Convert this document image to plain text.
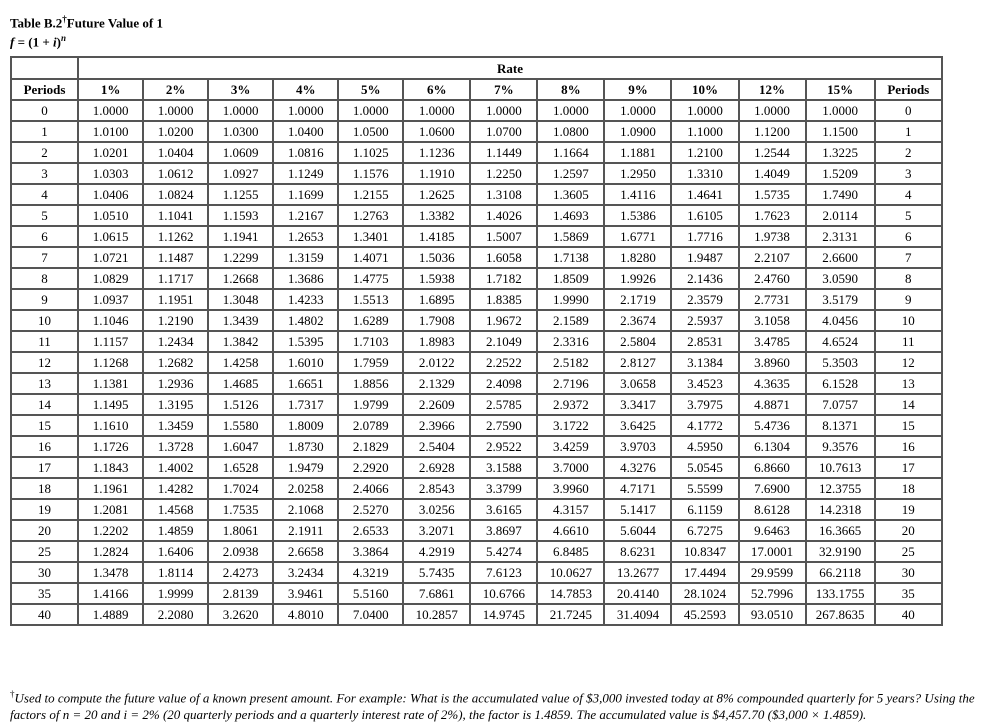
Table B.2†Future Value of 1
$f = (1 + i)^n$
	Rate												
Periods	1%	2%	3%	4%	5%	6%	7%	8%	9%	10%	12%	15%	Periods
0	1.0000	1.0000	1.0000	1.0000	1.0000	1.0000	1.0000	1.0000	1.0000	1.0000	1.0000	1.0000	0
1	1.0100	1.0200	1.0300	1.0400	1.0500	1.0600	1.0700	1.0800	1.0900	1.1000	1.1200	1.1500	1
2	1.0201	1.0404	1.0609	1.0816	1.1025	1.1236	1.1449	1.1664	1.1881	1.2100	1.2544	1.3225	2
3	1.0303	1.0612	1.0927	1.1249	1.1576	1.1910	1.2250	1.2597	1.2950	1.3310	1.4049	1.5209	3
4	1.0406	1.0824	1.1255	1.1699	1.2155	1.2625	1.3108	1.3605	1.4116	1.4641	1.5735	1.7490	4
5	1.0510	1.1041	1.1593	1.2167	1.2763	1.3382	1.4026	1.4693	1.5386	1.6105	1.7623	2.0114	5
6	1.0615	1.1262	1.1941	1.2653	1.3401	1.4185	1.5007	1.5869	1.6771	1.7716	1.9738	2.3131	6
7	1.0721	1.1487	1.2299	1.3159	1.4071	1.5036	1.6058	1.7138	1.8280	1.9487	2.2107	2.6600	7
8	1.0829	1.1717	1.2668	1.3686	1.4775	1.5938	1.7182	1.8509	1.9926	2.1436	2.4760	3.0590	8
9	1.0937	1.1951	1.3048	1.4233	1.5513	1.6895	1.8385	1.9990	2.1719	2.3579	2.7731	3.5179	9
10	1.1046	1.2190	1.3439	1.4802	1.6289	1.7908	1.9672	2.1589	2.3674	2.5937	3.1058	4.0456	10
11	1.1157	1.2434	1.3842	1.5395	1.7103	1.8983	2.1049	2.3316	2.5804	2.8531	3.4785	4.6524	11
12	1.1268	1.2682	1.4258	1.6010	1.7959	2.0122	2.2522	2.5182	2.8127	3.1384	3.8960	5.3503	12
13	1.1381	1.2936	1.4685	1.6651	1.8856	2.1329	2.4098	2.7196	3.0658	3.4523	4.3635	6.1528	13
14	1.1495	1.3195	1.5126	1.7317	1.9799	2.2609	2.5785	2.9372	3.3417	3.7975	4.8871	7.0757	14
15	1.1610	1.3459	1.5580	1.8009	2.0789	2.3966	2.7590	3.1722	3.6425	4.1772	5.4736	8.1371	15
16	1.1726	1.3728	1.6047	1.8730	2.1829	2.5404	2.9522	3.4259	3.9703	4.5950	6.1304	9.3576	16
17	1.1843	1.4002	1.6528	1.9479	2.2920	2.6928	3.1588	3.7000	4.3276	5.0545	6.8660	10.7613	17
18	1.1961	1.4282	1.7024	2.0258	2.4066	2.8543	3.3799	3.9960	4.7171	5.5599	7.6900	12.3755	18
19	1.2081	1.4568	1.7535	2.1068	2.5270	3.0256	3.6165	4.3157	5.1417	6.1159	8.6128	14.2318	19
20	1.2202	1.4859	1.8061	2.1911	2.6533	3.2071	3.8697	4.6610	5.6044	6.7275	9.6463	16.3665	20
25	1.2824	1.6406	2.0938	2.6658	3.3864	4.2919	5.4274	6.8485	8.6231	10.8347	17.0001	32.9190	25
30	1.3478	1.8114	2.4273	3.2434	4.3219	5.7435	7.6123	10.0627	13.2677	17.4494	29.9599	66.2118	30
35	1.4166	1.9999	2.8139	3.9461	5.5160	7.6861	10.6766	14.7853	20.4140	28.1024	52.7996	133.1755	35
40	1.4889	2.2080	3.2620	4.8010	7.0400	10.2857	14.9745	21.7245	31.4094	45.2593	93.0510	267.8635	40
†Used to compute the future value of a known present amount. For example: What is the accumulated value of $3,000 invested today at 8% compounded quarterly for 5 years? Using the factors of n = 20 and i = 2% (20 quarterly periods and a quarterly interest rate of 2%), the factor is 1.4859. The accumulated value is $4,457.70 ($3,000 × 1.4859).
